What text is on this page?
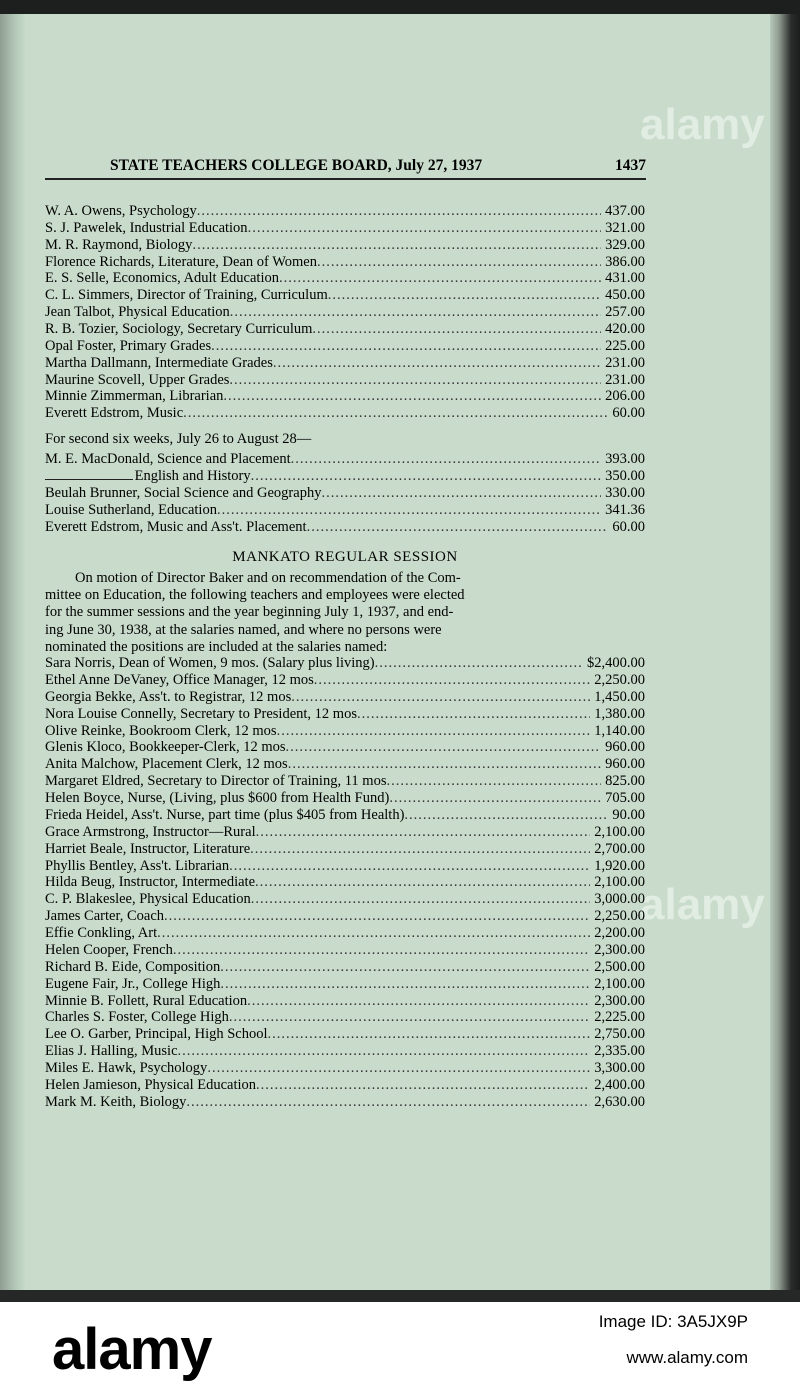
alamy
alamy
STATE TEACHERS COLLEGE BOARD, July 27, 1937	1437
W. A. Owens, Psychology .....	437.00
S. J. Pawelek, Industrial Education .....	321.00
M. R. Raymond, Biology .....	329.00
Florence Richards, Literature, Dean of Women .....	386.00
E. S. Selle, Economics, Adult Education .....	431.00
C. L. Simmers, Director of Training, Curriculum .....	450.00
Jean Talbot, Physical Education .....	257.00
R. B. Tozier, Sociology, Secretary Curriculum .....	420.00
Opal Foster, Primary Grades .....	225.00
Martha Dallmann, Intermediate Grades .....	231.00
Maurine Scovell, Upper Grades .....	231.00
Minnie Zimmerman, Librarian .....	206.00
Everett Edstrom, Music .....	60.00
For second six weeks, July 26 to August 28—
M. E. MacDonald, Science and Placement .....	393.00
English and History .....	350.00
Beulah Brunner, Social Science and Geography .....	330.00
Louise Sutherland, Education .....	341.36
Everett Edstrom, Music and Ass't. Placement .....	60.00
MANKATO REGULAR SESSION
On motion of Director Baker and on recommendation of the Com-
mittee on Education, the following teachers and employees were elected
for the summer sessions and the year beginning July 1, 1937, and end-
ing June 30, 1938, at the salaries named, and where no persons were
nominated the positions are included at the salaries named:
Sara Norris, Dean of Women, 9 mos. (Salary plus living) .....	$2,400.00
Ethel Anne DeVaney, Office Manager, 12 mos .....	2,250.00
Georgia Bekke, Ass't. to Registrar, 12 mos .....	1,450.00
Nora Louise Connelly, Secretary to President, 12 mos .....	1,380.00
Olive Reinke, Bookroom Clerk, 12 mos .....	1,140.00
Glenis Kloco, Bookkeeper-Clerk, 12 mos .....	960.00
Anita Malchow, Placement Clerk, 12 mos .....	960.00
Margaret Eldred, Secretary to Director of Training, 11 mos .....	825.00
Helen Boyce, Nurse, (Living, plus $600 from Health Fund) .....	705.00
Frieda Heidel, Ass't. Nurse, part time (plus $405 from Health) .....	90.00
Grace Armstrong, Instructor—Rural .....	2,100.00
Harriet Beale, Instructor, Literature .....	2,700.00
Phyllis Bentley, Ass't. Librarian .....	1,920.00
Hilda Beug, Instructor, Intermediate .....	2,100.00
C. P. Blakeslee, Physical Education .....	3,000.00
James Carter, Coach .....	2,250.00
Effie Conkling, Art .....	2,200.00
Helen Cooper, French .....	2,300.00
Richard B. Eide, Composition .....	2,500.00
Eugene Fair, Jr., College High .....	2,100.00
Minnie B. Follett, Rural Education .....	2,300.00
Charles S. Foster, College High .....	2,225.00
Lee O. Garber, Principal, High School .....	2,750.00
Elias J. Halling, Music .....	2,335.00
Miles E. Hawk, Psychology .....	3,300.00
Helen Jamieson, Physical Education .....	2,400.00
Mark M. Keith, Biology .....	2,630.00
alamy	Image ID: 3A5JX9P
www.alamy.com
